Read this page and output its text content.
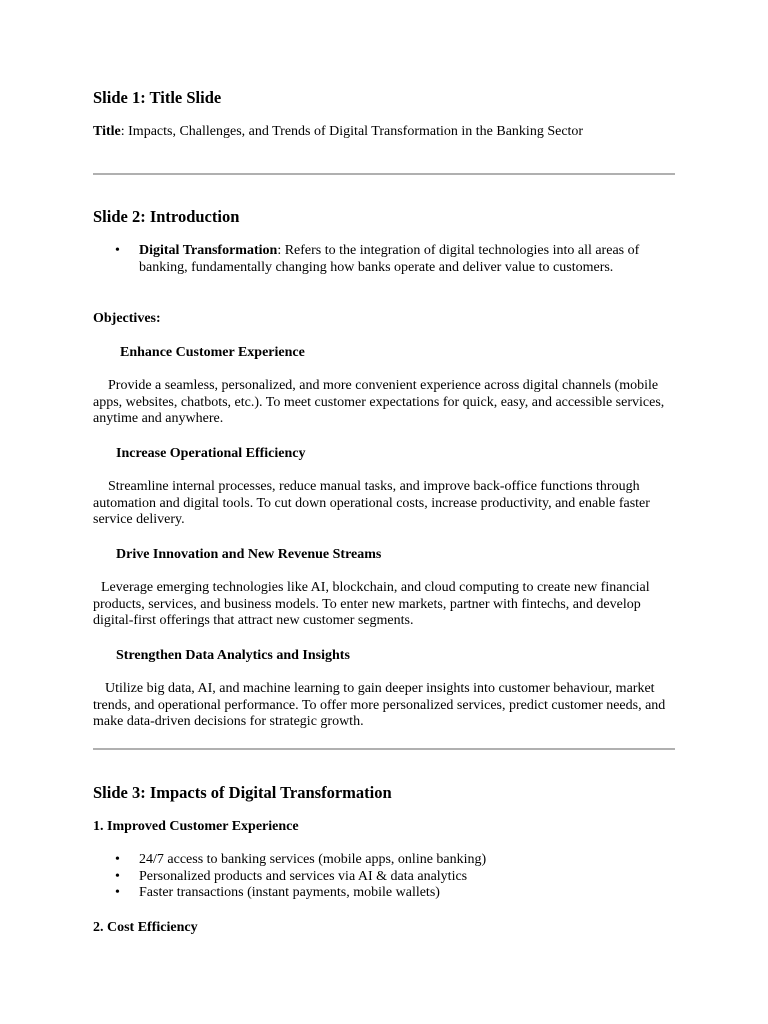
Slide 1: Title Slide

Title: Impacts, Challenges, and Trends of Digital Transformation in the Banking Sector

Slide 2: Introduction
• Digital Transformation: Refers to the integration of digital technologies into all areas of banking, fundamentally changing how banks operate and deliver value to customers.

Objectives:

Enhance Customer Experience

Provide a seamless, personalized, and more convenient experience across digital channels (mobile apps, websites, chatbots, etc.). To meet customer expectations for quick, easy, and accessible services, anytime and anywhere.

Increase Operational Efficiency

Streamline internal processes, reduce manual tasks, and improve back-office functions through automation and digital tools. To cut down operational costs, increase productivity, and enable faster service delivery.

Drive Innovation and New Revenue Streams

Leverage emerging technologies like AI, blockchain, and cloud computing to create new financial products, services, and business models. To enter new markets, partner with fintechs, and develop digital-first offerings that attract new customer segments.

Strengthen Data Analytics and Insights

Utilize big data, AI, and machine learning to gain deeper insights into customer behaviour, market trends, and operational performance. To offer more personalized services, predict customer needs, and make data-driven decisions for strategic growth.

Slide 3: Impacts of Digital Transformation
1. Improved Customer Experience
• 24/7 access to banking services (mobile apps, online banking)
• Personalized products and services via AI & data analytics
• Faster transactions (instant payments, mobile wallets)
2. Cost Efficiency
